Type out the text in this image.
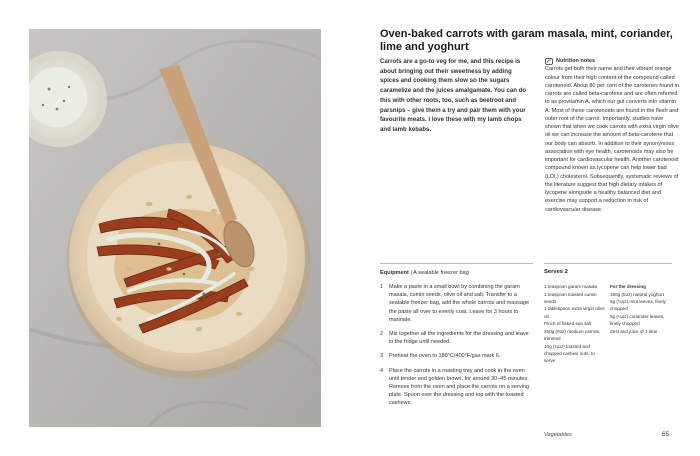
Oven-baked carrots with garam masala, mint, coriander, lime and yoghurt
Carrots are a go-to veg for me, and this recipe is about bringing out their sweetness by adding spices and cooking them slow so the sugars caramelize and the juices amalgamate. You can do this with other roots, too, such as beetroot and parsnips – give them a try and pair them with your favourite meats. I love these with my lamb chops and lamb kebabs.
Nutrition notes
Carrots get both their name and their vibrant orange colour from their high content of the compound called carotenoid. About 80 per cent of the carotenes found in carrots are called beta-carotene and are often referred to as provitamin A, which our gut converts into vitamin A. Most of these carotenoids are found in the flesh and outer root of the carrot. Importantly, studies have shown that when we cook carrots with extra virgin olive oil we can increase the amount of beta-carotene that our body can absorb. In addition to their synonymous association with eye health, carotenoids may also be important for cardiovascular health. Another carotenoid compound known as lycopene can help lower bad (LDL) cholesterol. Subsequently, systematic reviews of the literature suggest that high dietary intakes of lycopene alongside a healthy balanced diet and exercise may support a reduction in risk of cardiovascular disease.
Equipment | A sealable freezer bag
1	Make a paste in a small bowl by combining the garam masala, cumin seeds, olive oil and salt. Transfer to a sealable freezer bag, add the whole carrots and massage the paste all over to evenly coat. Leave for 3 hours to marinate.
2	Mix together all the ingredients for the dressing and leave in the fridge until needed.
3	Preheat the oven to 180°C/400°F/gas mark 6.
4	Place the carrots in a roasting tray and cook in the oven until tender and golden brown, for around 30–45 minutes. Remove from the oven and place the carrots on a serving plate. Spoon over the dressing and top with the toasted cashews.
Serves 2
1 teaspoon garam masala
1 teaspoon toasted cumin seeds
1 tablespoon extra virgin olive oil
Pinch of flaked sea salt
250g (9oz) medium carrots, trimmed
10g (¼oz) toasted and chopped cashew nuts, to serve
For the dressing
150g (5oz) natural yoghurt
5g (¼oz) mint leaves, finely chopped
5g (¼oz) coriander leaves, finely chopped
Zest and juice of 1 lime
Vegetables	65
